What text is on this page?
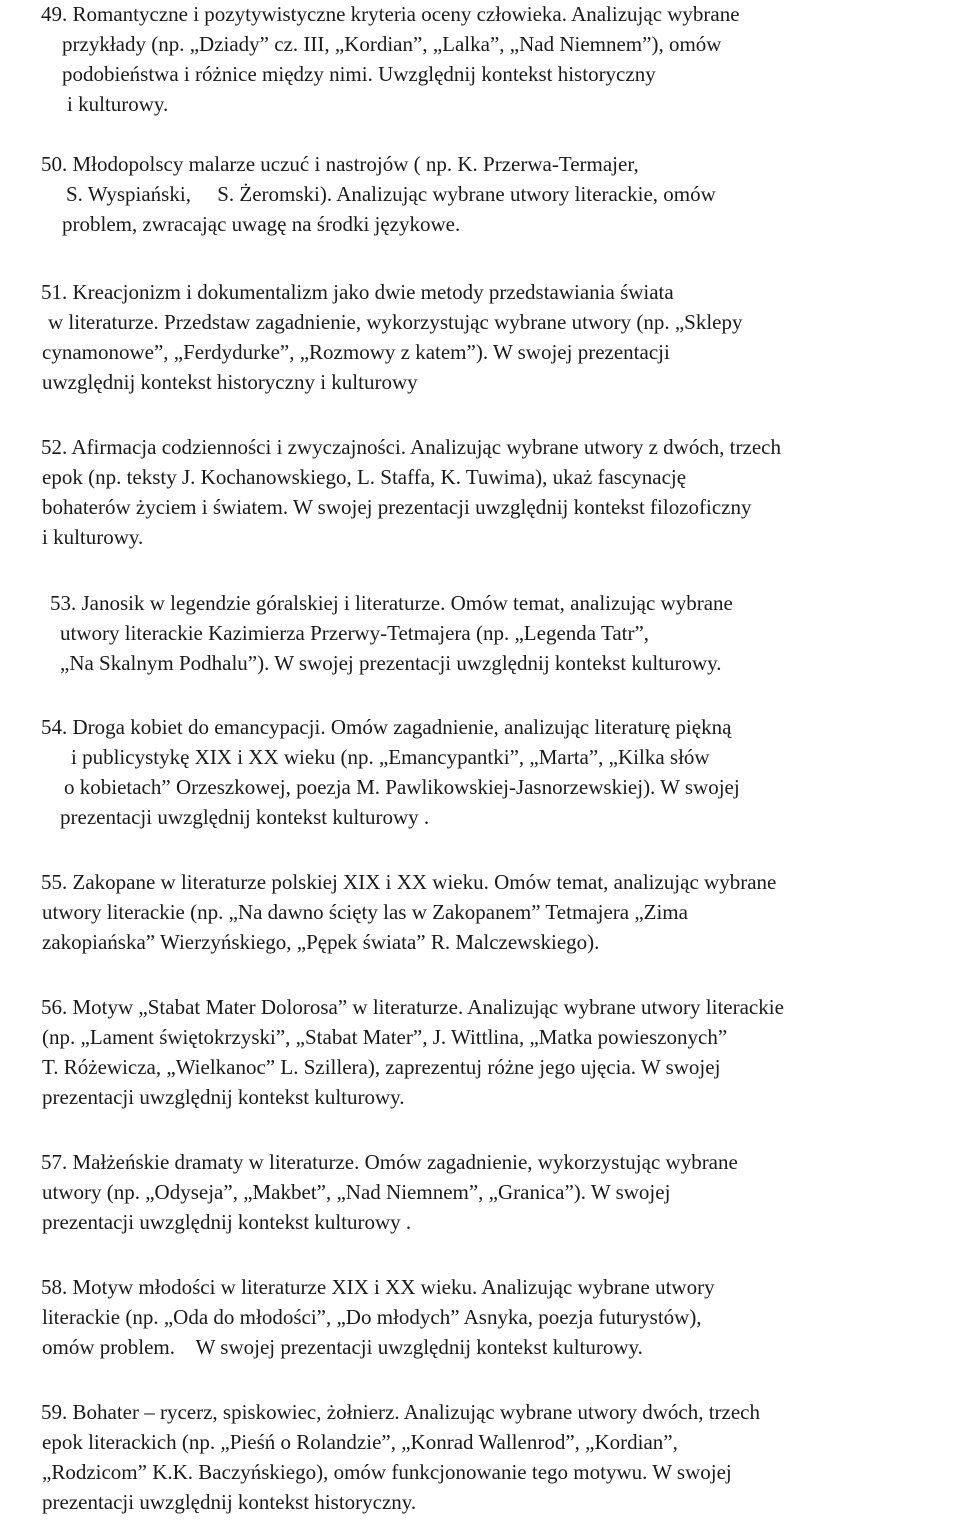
49. Romantyczne i pozytywistyczne kryteria oceny człowieka. Analizując wybrane
przykłady (np. „Dziady” cz. III, „Kordian”, „Lalka”, „Nad Niemnem”), omów
podobieństwa i różnice między nimi. Uwzględnij kontekst historyczny
i kulturowy.
50. Młodopolscy malarze uczuć i nastrojów ( np. K. Przerwa-Termajer,
S. Wyspiański,     S. Żeromski). Analizując wybrane utwory literackie, omów
problem, zwracając uwagę na środki językowe.
51. Kreacjonizm i dokumentalizm jako dwie metody przedstawiania świata
w literaturze. Przedstaw zagadnienie, wykorzystując wybrane utwory (np. „Sklepy
cynamonowe”, „Ferdydurke”, „Rozmowy z katem”). W swojej prezentacji
uwzględnij kontekst historyczny i kulturowy
52. Afirmacja codzienności i zwyczajności. Analizując wybrane utwory z dwóch, trzech
epok (np. teksty J. Kochanowskiego, L. Staffa, K. Tuwima), ukaż fascynację
bohaterów życiem i światem. W swojej prezentacji uwzględnij kontekst filozoficzny
i kulturowy.
53. Janosik w legendzie góralskiej i literaturze. Omów temat, analizując wybrane
utwory literackie Kazimierza Przerwy-Tetmajera (np. „Legenda Tatr”,
„Na Skalnym Podhalu”). W swojej prezentacji uwzględnij kontekst kulturowy.
54. Droga kobiet do emancypacji. Omów zagadnienie, analizując literaturę piękną
i publicystykę XIX i XX wieku (np. „Emancypantki”, „Marta”, „Kilka słów
o kobietach” Orzeszkowej, poezja M. Pawlikowskiej-Jasnorzewskiej). W swojej
prezentacji uwzględnij kontekst kulturowy .
55. Zakopane w literaturze polskiej XIX i XX wieku. Omów temat, analizując wybrane
utwory literackie (np. „Na dawno ścięty las w Zakopanem” Tetmajera „Zima
zakopiańska” Wierzyńskiego, „Pępek świata” R. Malczewskiego).
56. Motyw „Stabat Mater Dolorosa” w literaturze. Analizując wybrane utwory literackie
(np. „Lament świętokrzyski”, „Stabat Mater”, J. Wittlina, „Matka powieszonych”
T. Różewicza, „Wielkanoc” L. Szillera), zaprezentuj różne jego ujęcia. W swojej
prezentacji uwzględnij kontekst kulturowy.
57. Małżeńskie dramaty w literaturze. Omów zagadnienie, wykorzystując wybrane
utwory (np. „Odyseja”, „Makbet”, „Nad Niemnem”, „Granica”). W swojej
prezentacji uwzględnij kontekst kulturowy .
58. Motyw młodości w literaturze XIX i XX wieku. Analizując wybrane utwory
literackie (np. „Oda do młodości”, „Do młodych” Asnyka, poezja futurystów),
omów problem.    W swojej prezentacji uwzględnij kontekst kulturowy.
59. Bohater – rycerz, spiskowiec, żołnierz. Analizując wybrane utwory dwóch, trzech
epok literackich (np. „Pieśń o Rolandzie”, „Konrad Wallenrod”, „Kordian”,
„Rodzicom” K.K. Baczyńskiego), omów funkcjonowanie tego motywu. W swojej
prezentacji uwzględnij kontekst historyczny.
